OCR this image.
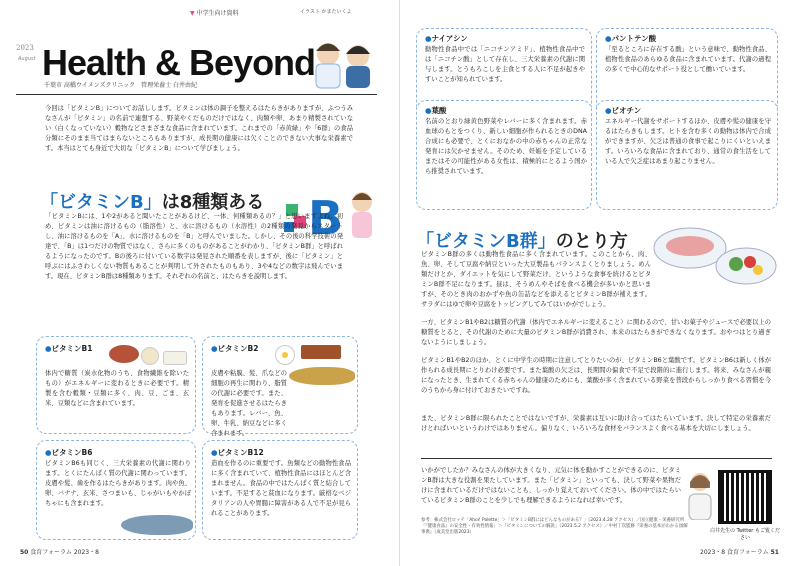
▼ 中学生向け資料	イラスト かまたいくよ
2023
August Health & Beyond
千葉市 高橋ウイメンズクリニック　管理栄養士 白井由紀
今回は「ビタミンB」についてお話しします。ビタミンは体の調子を整えるはたらきがありますが、ふつうみなさんが「ビタミン」の名前で連想する、野菜やくだものだけではなく、肉類や卵、あまり精製されていない（白くなっていない）穀物などさまざまな食品に含まれています。これまでの「赤黄緑」や「6群」の食品分類にそのまま当てはまらないところもありますが、成長期の健康には欠くことのできない大事な栄養素です。本当はとても身近で大切な「ビタミンB」について学びましょう。
「ビタミンB」は8種類ある B
「ビタミンBには、1や2があると聞いたことがあるけど、一体、何種類あるの？」と思いますよね。初め、ビタミンは油に溶けるもの（脂溶性）と、水に溶けるもの（水溶性）の2種類の発見からスタートし、油に溶けるものを「A」、水に溶けるものを「B」と呼んでいました。しかし、その後の科学技術の発達で、「B」は1つだけの物質ではなく、さらに多くのものがあることがわかり、「ビタミンB群」と呼ばれるようになったのです。Bの後ろに付いている数字は発見された順番を表しますが、後に「ビタミン」と呼ぶにはふさわしくない物質もあることが判明して外されたものもあり、3や4などの数字は飛んでいます。現在、ビタミンB群は8種類あります。それぞれの名前と、はたらきを説明します。
●ビタミンB1
体内で糖質（炭水化物のうち、食物繊維を除いたもの）がエネルギーに変わるときに必要です。精製を含む穀類・豆類に多く、肉、豆、ごま、玄米、豆類などに含まれています。
●ビタミンB2
皮膚や粘膜、髪、爪などの細胞の再生に関わり、脂質の代謝に必要です。また、発育を促進させるはたらきもあります。レバー、魚、卵、牛乳、納豆などに多く含まれます。
●ビタミンB6
ビタミンB6も同じく、三大栄養素の代謝に関わります。とくにたんぱく質の代謝に関わっています。皮膚や髪、歯を作るはたらきがあります。肉や魚、卵、バナナ、玄米、さつまいも、じゃがいもやかぼちゃにも含まれます。
●ビタミンB12
造血を作るのに重要です。魚類などの動物性食品に多く含まれていて、植物性食品にはほとんど含まれません。食品の中ではたんぱく質と結合しています。不足すると貧血になります。厳格なベジタリアンの人や胃腸に障害がある人で不足が見られることがあります。
50 食育フォーラム 2023・8
●ナイアシン
動物性食品中では「ニコチンアミド」、植物性食品中では「ニコチン酸」として存在し、三大栄養素の代謝に関与します。とうもろこしを主食とする人に不足が起きやすいことが知られています。
●パントテン酸
「至るところに存在する酸」という意味で、動物性食品、植物性食品のあらゆる食品に含まれています。代謝の過程の多くで中心的なサポート役として働いています。
●葉酸
名前のとおり緑黄色野菜やレバーに多く含まれます。赤血球のもとをつくり、新しい細胞が作られるときのDNA合成にも必要で、とくにおなかの中の赤ちゃんの正常な発育には欠かせません。そのため、妊娠を予定しているまたはその可能性がある女性は、積極的にとるよう国から推奨されています。
●ビオチン
エネルギー代謝をサポートするほか、皮膚や髪の健康を守るはたらきもします。ヒトを含む多くの動物は体内で合成ができますが、欠乏は普通の食事で起こりにくいといえます。いろいろな食品に含まれており、通常の食生活をしている人で欠乏症はあまり起こりません。
「ビタミンB群」のとり方
ビタミンB群の多くは動物性食品に多く含まれています。このことから、肉、魚、卵、そして豆腐や納豆といった大豆製品もバランスよくとりましょう。めん類だけとか、ダイエットを気にして野菜だけ、というような食事を続けるとビタミンB群不足になります。昼は、そうめんやそばを食べる機会が多いかと思いますが、そのとき肉のおかずや魚の缶詰などを添えるとビタミンB群が補えます。サラダにはゆで卵や豆腐をトッピングしてみてはいかがでしょう。
一方、ビタミンB1やB2は糖質の代謝（体内でエネルギーに変えること）に関わるので、甘いお菓子やジュースで必要以上の糖質をとると、その代謝のために大量のビタミンB群が消費され、本来のはたらきができなくなります。おやつはとり過ぎないようにしましょう。
ビタミンB1やB2のほか、とくに中学生の時期に注意してとりたいのが、ビタミンB6と葉酸です。ビタミンB6は新しく体が作られる成長期にとりわけ必要です。また葉酸の欠乏は、長期間の偏食で不足で段階的に進行します。将来、みなさんが親になったとき、生まれてくる赤ちゃんの健康のためにも、葉酸が多く含まれている野菜を普段からしっかり食べる習慣を今のうちから身に付けておきたいですね。
また、ビタミンB群に限られたことではないですが、栄養素は互いに助け合ってはたらいています。決して特定の栄養素だけとればいいというわけではありません。偏りなく、いろいろな食材をバランスよく食べる基本を大切にしましょう。
いかがでしたか？みなさんの体が大きくなり、元気に体を動かすことができるのに、ビタミンB群は大きな役割を果たしています。また「ビタミン」といっても、決して野菜や果物だけに含まれているだけではないことも、しっかり覚えておいてください。体の中ではたらいているビタミンB群のことを少しでも理解できるようになれば幸いです。
参考：株式会社ロッテ「Ahoi! Palette」＞「ビタミンB群にはどんなものがある？」（2023.4.28 アクセス）／国立健康・栄養研究所「『健康食品』の安全性・有効性情報」＞「ビタミンについての解説」（2023.5.2 アクセス）／中村丁次監修『栄養の基本がわかる図解事典』（成美堂出版2023）	白井先生の Twitter もご覧ください
2023・8 食育フォーラム 51
